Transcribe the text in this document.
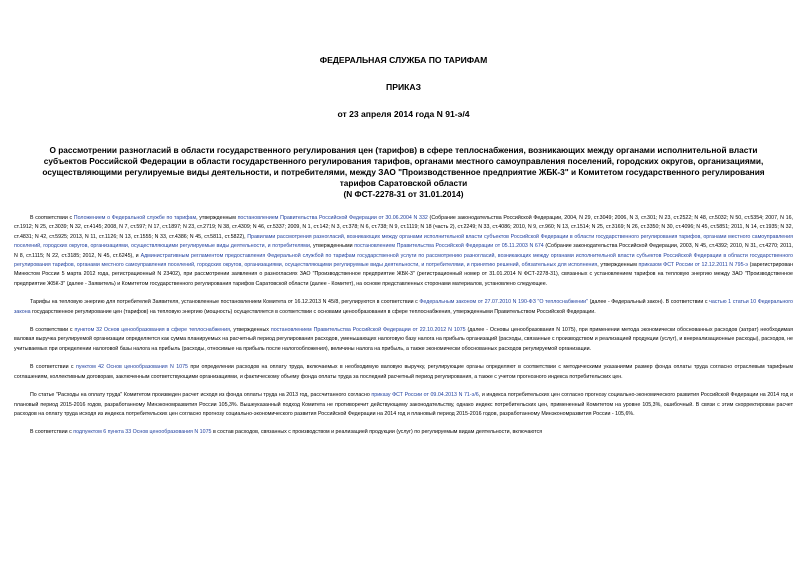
ФЕДЕРАЛЬНАЯ СЛУЖБА ПО ТАРИФАМ
ПРИКАЗ
от 23 апреля 2014 года N 91-э/4
О рассмотрении разногласий в области государственного регулирования цен (тарифов) в сфере теплоснабжения, возникающих между органами исполнительной власти субъектов Российской Федерации в области государственного регулирования тарифов, органами местного самоуправления поселений, городских округов, организациями, осуществляющими регулируемые виды деятельности, и потребителями, между ЗАО "Производственное предприятие ЖБК-3" и Комитетом государственного регулирования тарифов Саратовской области
(N ФСТ-2278-31 от 31.01.2014)

В соответствии с Положением о Федеральной службе по тарифам, утвержденным постановлением Правительства Российской Федерации от 30.06.2004 N 332 (Собрание законодательства Российской Федерации, 2004, N 29, ст.3049; 2006, N 3, ст.301; N 23, ст.2522; N 48, ст.5032; N 50, ст.5354; 2007, N 16, ст.1912; N 25, ст.3039; N 32, ст.4145; 2008, N 7, ст.597; N 17, ст.1897; N 23, ст.2719; N 38, ст.4309; N 46, ст.5337; 2009, N 1, ст.142; N 3, ст.378; N 6, ст.738; N 9, ст.1119; N 18 (часть 2), ст.2249; N 33, ст.4086; 2010, N 9, ст.960; N 13, ст.1514; N 25, ст.3169; N 26, ст.3350; N 30, ст.4096; N 45, ст.5851; 2011, N 14, ст.1935; N 32, ст.4831; N 42, ст.5925; 2013, N 11, ст.1126; N 13, ст.1555; N 33, ст.4386; N 45, ст.5811, ст.5822), Правилами рассмотрения разногласий, возникающих между органами исполнительной власти субъектов Российской Федерации в области государственного регулирования тарифов, органами местного самоуправления поселений, городских округов, организациями, осуществляющими регулируемые виды деятельности, и потребителями, утвержденными постановлением Правительства Российской Федерации от 05.11.2003 N 674 (Собрание законодательства Российской Федерации, 2003, N 45, ст.4392; 2010, N 31, ст.4270; 2011, N 8, ст.1115; N 22, ст.3185; 2012, N 45, ст.6245), и Административным регламентом предоставления Федеральной службой по тарифам государственной услуги по рассмотрению разногласий, возникающих между органами исполнительной власти субъектов Российской Федерации в области государственного регулирования тарифов, органами местного самоуправления поселений, городских округов, организациями, осуществляющими регулируемые виды деятельности, и потребителями, и принятию решений, обязательных для исполнения, утвержденным приказом ФСТ России от 12.12.2011 N 795-э (зарегистрирован Минюстом России 5 марта 2012 года, регистрационный N 23402), при рассмотрении заявления о разногласиях ЗАО "Производственное предприятие ЖБК-3" (регистрационный номер от 31.01.2014 N ФСТ-2278-31), связанных с установлением тарифов на тепловую энергию между ЗАО "Производственное предприятие ЖБК-3" (далее - Заявитель) и Комитетом государственного регулирования тарифов Саратовской области (далее - Комитет), на основе представленных сторонами материалов, установлено следующее.

Тарифы на тепловую энергию для потребителей Заявителя, установленные постановлением Комитета от 16.12.2013 N 45/8, регулируются в соответствии с Федеральным законом от 27.07.2010 N 190-ФЗ "О теплоснабжении" (далее - Федеральный закон). В соответствии с частью 1 статьи 10 Федерального закона государственное регулирование цен (тарифов) на тепловую энергию (мощность) осуществляется в соответствии с основами ценообразования в сфере теплоснабжения, утвержденными Правительством Российской Федерации.

В соответствии с пунктом 32 Основ ценообразования в сфере теплоснабжения, утвержденных постановлением Правительства Российской Федерации от 22.10.2012 N 1075 (далее - Основы ценообразования N 1075), при применении метода экономически обоснованных расходов (затрат) необходимая валовая выручка регулируемой организации определяется как сумма планируемых на расчетный период регулирования расходов, уменьшающих налоговую базу налога на прибыль организаций (расходы, связанные с производством и реализацией продукции (услуг), и внереализационные расходы), расходов, не учитываемых при определении налоговой базы налога на прибыль (расходы, относимые на прибыль после налогообложения), величины налога на прибыль, а также экономически обоснованных расходов регулируемой организации.

В соответствии с пунктом 42 Основ ценообразования N 1075 при определении расходов на оплату труда, включаемых в необходимую валовую выручку, регулирующие органы определяют в соответствии с методическими указаниями размер фонда оплаты труда согласно отраслевым тарифным соглашениям, коллективным договорам, заключенным соответствующими организациями, и фактическому объему фонда оплаты труда за последний расчетный период регулирования, а также с учетом прогнозного индекса потребительских цен.

По статье "Расходы на оплату труда" Комитетом произведен расчет исходя из фонда оплаты труда на 2013 год, рассчитанного согласно приказу ФСТ России от 09.04.2013 N 71-э/6, и индекса потребительских цен согласно прогнозу социально-экономического развития Российской Федерации на 2014 год и плановый период 2015-2016 годов, разработанному Минэкономразвития России 105,3%. Вышеуказанный подход Комитета не противоречит действующему законодательству, однако индекс потребительских цен, примененный Комитетом на уровне 105,3%, ошибочный. В связи с этим скорректирован расчет расходов на оплату труда исходя из индекса потребительских цен согласно прогнозу социально-экономического развития Российской Федерации на 2014 год и плановый период 2015-2016 годов, разработанному Минэкономразвития России - 105,6%.

В соответствии с подпунктом 6 пункта 33 Основ ценообразования N 1075 в состав расходов, связанных с производством и реализацией продукции (услуг) по регулируемым видам деятельности, включаются
